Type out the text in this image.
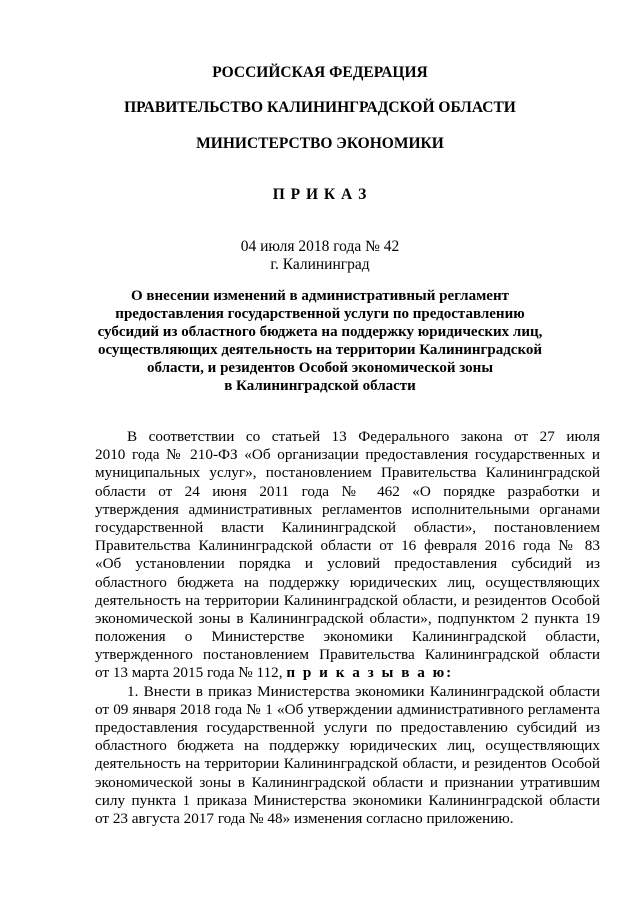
РОССИЙСКАЯ ФЕДЕРАЦИЯ
ПРАВИТЕЛЬСТВО КАЛИНИНГРАДСКОЙ ОБЛАСТИ
МИНИСТЕРСТВО ЭКОНОМИКИ
П Р И К А З
04 июля 2018 года № 42
г. Калининград
О внесении изменений в административный регламент
предоставления государственной услуги по предоставлению
субсидий из областного бюджета на поддержку юридических лиц,
осуществляющих деятельность на территории Калининградской
области, и резидентов Особой экономической зоны
в Калининградской области
В соответствии со статьей 13 Федерального закона от 27 июля
2010 года № 210-ФЗ «Об организации предоставления государственных и
муниципальных услуг», постановлением Правительства Калининградской
области от 24 июня 2011 года № 462 «О порядке разработки и
утверждения административных регламентов исполнительными органами
государственной власти Калининградской области», постановлением
Правительства Калининградской области от 16 февраля 2016 года № 83
«Об установлении порядка и условий предоставления субсидий из
областного бюджета на поддержку юридических лиц, осуществляющих
деятельность на территории Калининградской области, и резидентов Особой
экономической зоны в Калининградской области», подпунктом 2 пункта 19
положения о Министерстве экономики Калининградской области,
утвержденного постановлением Правительства Калининградской области
от 13 марта 2015 года № 112, п р и к а з ы в а ю:
1. Внести в приказ Министерства экономики Калининградской области
от 09 января 2018 года № 1 «Об утверждении административного регламента
предоставления государственной услуги по предоставлению субсидий из
областного бюджета на поддержку юридических лиц, осуществляющих
деятельность на территории Калининградской области, и резидентов Особой
экономической зоны в Калининградской области и признании утратившим
силу пункта 1 приказа Министерства экономики Калининградской области
от 23 августа 2017 года № 48» изменения согласно приложению.
